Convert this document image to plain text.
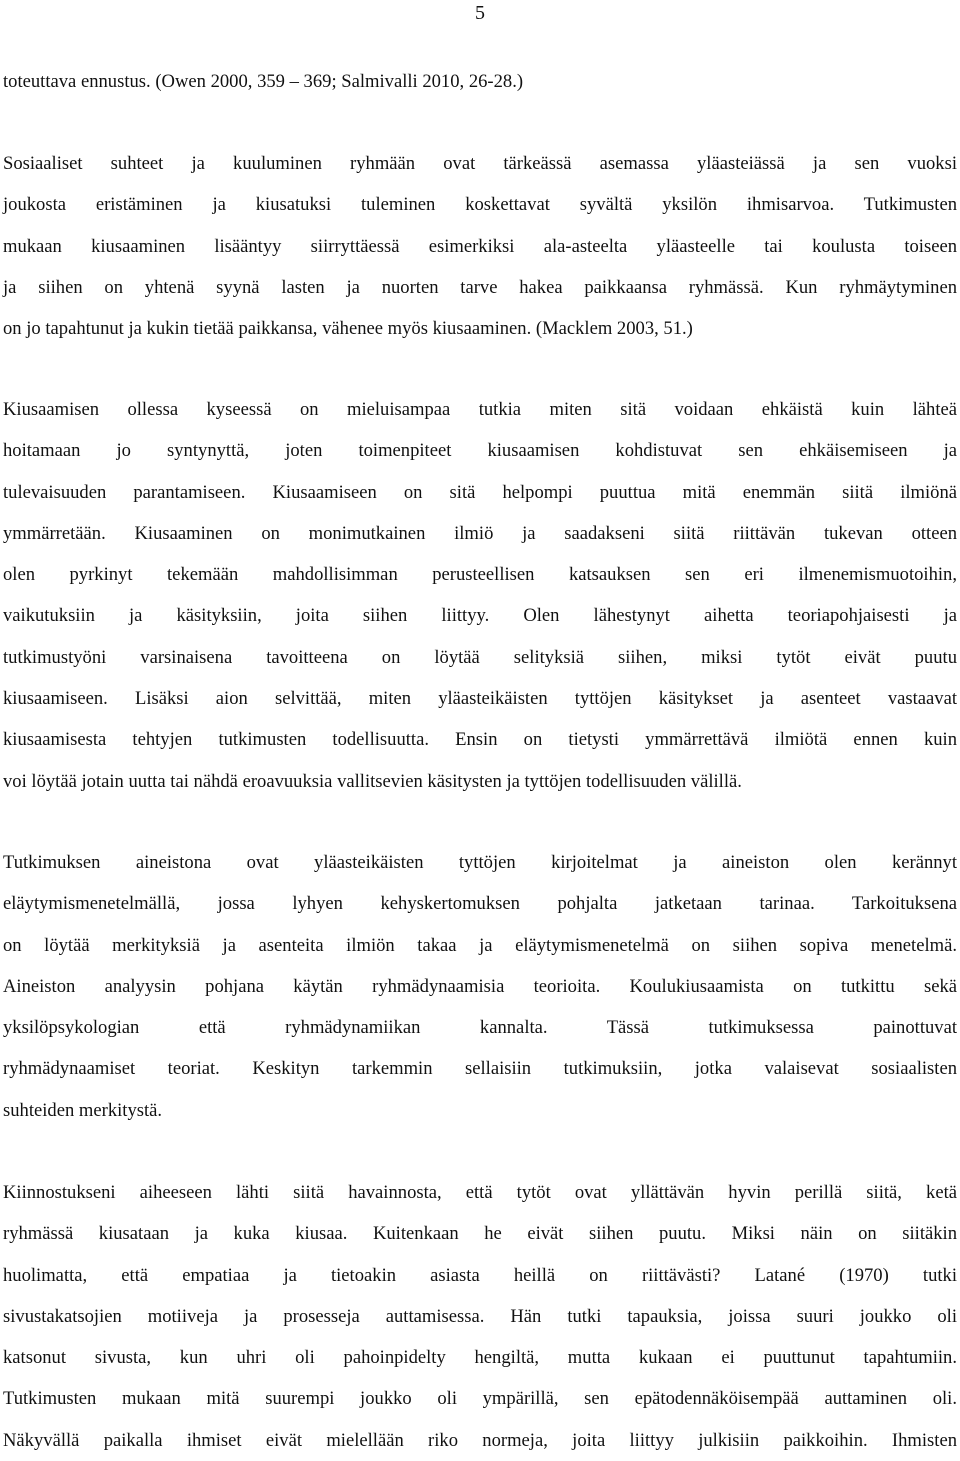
5
toteuttava ennustus. (Owen 2000, 359 – 369; Salmivalli 2010, 26-28.)
Sosiaaliset suhteet ja kuuluminen ryhmään ovat tärkeässä asemassa yläasteiässä ja sen vuoksi
joukosta eristäminen ja kiusatuksi tuleminen koskettavat syvältä yksilön ihmisarvoa. Tutkimusten
mukaan kiusaaminen lisääntyy siirryttäessä esimerkiksi ala-asteelta yläasteelle tai koulusta toiseen
ja siihen on yhtenä syynä lasten ja nuorten tarve hakea paikkaansa ryhmässä. Kun ryhmäytyminen
on jo tapahtunut ja kukin tietää paikkansa, vähenee myös kiusaaminen. (Macklem 2003, 51.)
Kiusaamisen ollessa kyseessä on mieluisampaa tutkia miten sitä voidaan ehkäistä kuin lähteä
hoitamaan jo syntynyttä, joten toimenpiteet kiusaamisen kohdistuvat sen ehkäisemiseen ja
tulevaisuuden parantamiseen. Kiusaamiseen on sitä helpompi puuttua mitä enemmän siitä ilmiönä
ymmärretään. Kiusaaminen on monimutkainen ilmiö ja saadakseni siitä riittävän tukevan otteen
olen pyrkinyt tekemään mahdollisimman perusteellisen katsauksen sen eri ilmenemismuotoihin,
vaikutuksiin ja käsityksiin, joita siihen liittyy. Olen lähestynyt aihetta teoriapohjaisesti ja
tutkimustyöni varsinaisena tavoitteena on löytää selityksiä siihen, miksi tytöt eivät puutu
kiusaamiseen. Lisäksi aion selvittää, miten yläasteikäisten tyttöjen käsitykset ja asenteet vastaavat
kiusaamisesta tehtyjen tutkimusten todellisuutta. Ensin on tietysti ymmärrettävä ilmiötä ennen kuin
voi löytää jotain uutta tai nähdä eroavuuksia vallitsevien käsitysten ja tyttöjen todellisuuden välillä.
Tutkimuksen aineistona ovat yläasteikäisten tyttöjen kirjoitelmat ja aineiston olen kerännyt
eläytymismenetelmällä, jossa lyhyen kehyskertomuksen pohjalta jatketaan tarinaa. Tarkoituksena
on löytää merkityksiä ja asenteita ilmiön takaa ja eläytymismenetelmä on siihen sopiva menetelmä.
Aineiston analyysin pohjana käytän ryhmädynaamisia teorioita. Koulukiusaamista on tutkittu sekä
yksilöpsykologian että ryhmädynamiikan kannalta. Tässä tutkimuksessa painottuvat
ryhmädynaamiset teoriat. Keskityn tarkemmin sellaisiin tutkimuksiin, jotka valaisevat sosiaalisten
suhteiden merkitystä.
Kiinnostukseni aiheeseen lähti siitä havainnosta, että tytöt ovat yllättävän hyvin perillä siitä, ketä
ryhmässä kiusataan ja kuka kiusaa. Kuitenkaan he eivät siihen puutu. Miksi näin on siitäkin
huolimatta, että empatiaa ja tietoakin asiasta heillä on riittävästi? Latané (1970) tutki
sivustakatsojien motiiveja ja prosesseja auttamisessa. Hän tutki tapauksia, joissa suuri joukko oli
katsonut sivusta, kun uhri oli pahoinpidelty hengiltä, mutta kukaan ei puuttunut tapahtumiin.
Tutkimusten mukaan mitä suurempi joukko oli ympärillä, sen epätodennäköisempää auttaminen oli.
Näkyvällä paikalla ihmiset eivät mielellään riko normeja, joita liittyy julkisiin paikkoihin. Ihmisten
